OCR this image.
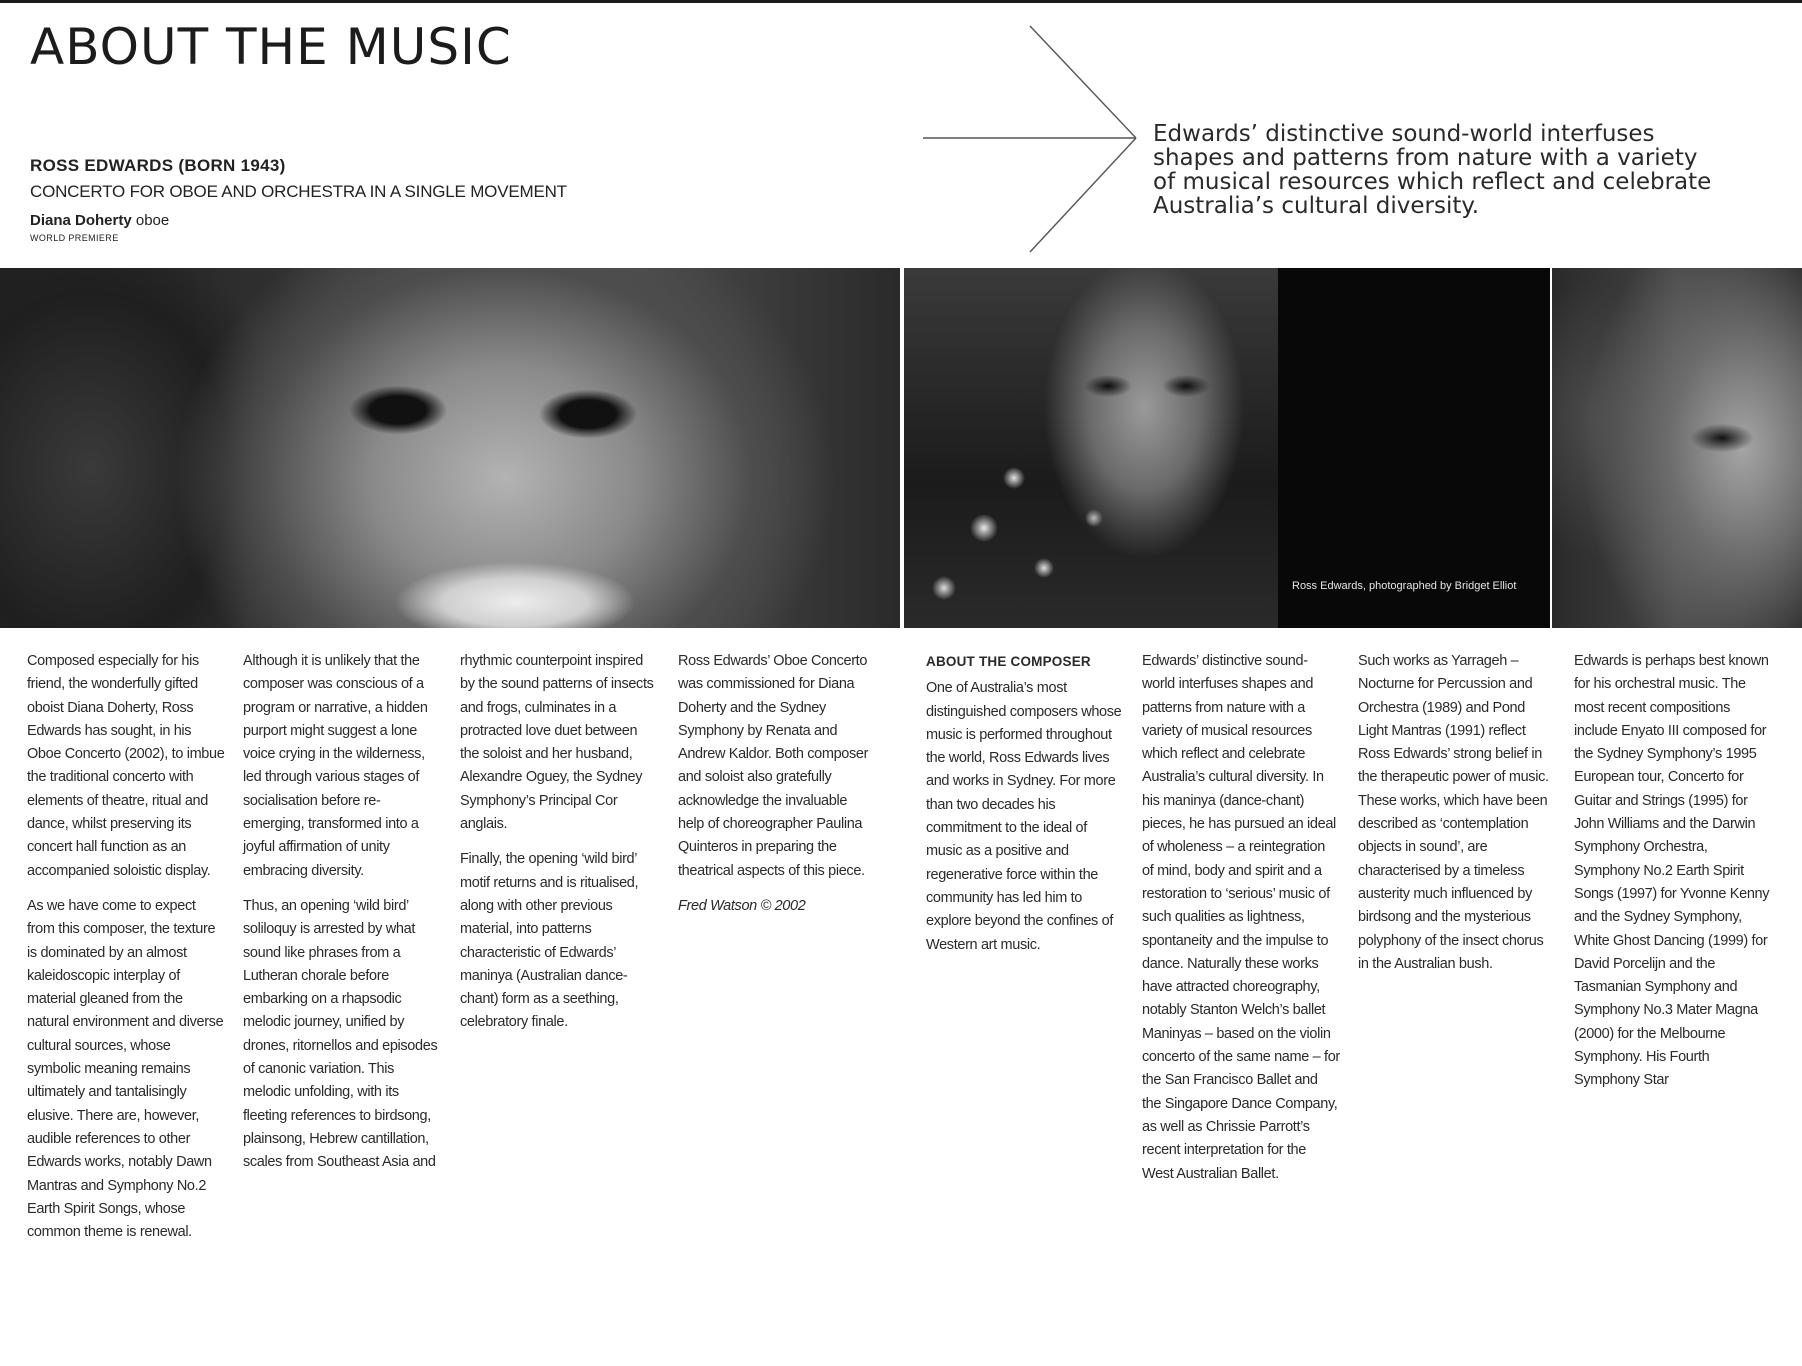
ABOUT THE MUSIC

ROSS EDWARDS (BORN 1943)

CONCERTO FOR OBOE AND ORCHESTRA IN A SINGLE MOVEMENT

Diana Doherty oboe

WORLD PREMIERE

Edwards’ distinctive sound-world interfuses shapes and patterns from nature with a variety of musical resources which reflect and celebrate Australia’s cultural diversity.

Ross Edwards, photographed by Bridget Elliot

Composed especially for his friend, the wonderfully gifted oboist Diana Doherty, Ross Edwards has sought, in his Oboe Concerto (2002), to imbue the traditional concerto with elements of theatre, ritual and dance, whilst preserving its concert hall function as an accompanied soloistic display.

As we have come to expect from this composer, the texture is dominated by an almost kaleidoscopic interplay of material gleaned from the natural environment and diverse cultural sources, whose symbolic meaning remains ultimately and tantalisingly elusive. There are, however, audible references to other Edwards works, notably Dawn Mantras and Symphony No.2 Earth Spirit Songs, whose common theme is renewal.

Although it is unlikely that the composer was conscious of a program or narrative, a hidden purport might suggest a lone voice crying in the wilderness, led through various stages of socialisation before re-emerging, transformed into a joyful affirmation of unity embracing diversity.

Thus, an opening ‘wild bird’ soliloquy is arrested by what sound like phrases from a Lutheran chorale before embarking on a rhapsodic melodic journey, unified by drones, ritornellos and episodes of canonic variation. This melodic unfolding, with its fleeting references to birdsong, plainsong, Hebrew cantillation, scales from Southeast Asia and

rhythmic counterpoint inspired by the sound patterns of insects and frogs, culminates in a protracted love duet between the soloist and her husband, Alexandre Oguey, the Sydney Symphony’s Principal Cor anglais.

Finally, the opening ‘wild bird’ motif returns and is ritualised, along with other previous material, into patterns characteristic of Edwards’ maninya (Australian dance-chant) form as a seething, celebratory finale.

Ross Edwards’ Oboe Concerto was commissioned for Diana Doherty and the Sydney Symphony by Renata and Andrew Kaldor. Both composer and soloist also gratefully acknowledge the invaluable help of choreographer Paulina Quinteros in preparing the theatrical aspects of this piece.

Fred Watson © 2002

ABOUT THE COMPOSER

One of Australia’s most distinguished composers whose music is performed throughout the world, Ross Edwards lives and works in Sydney. For more than two decades his commitment to the ideal of music as a positive and regenerative force within the community has led him to explore beyond the confines of Western art music.

Edwards’ distinctive sound-world interfuses shapes and patterns from nature with a variety of musical resources which reflect and celebrate Australia’s cultural diversity. In his maninya (dance-chant) pieces, he has pursued an ideal of wholeness – a reintegration of mind, body and spirit and a restoration to ‘serious’ music of such qualities as lightness, spontaneity and the impulse to dance. Naturally these works have attracted choreography, notably Stanton Welch’s ballet Maninyas – based on the violin concerto of the same name – for the San Francisco Ballet and the Singapore Dance Company, as well as Chrissie Parrott’s recent interpretation for the West Australian Ballet.

Such works as Yarrageh – Nocturne for Percussion and Orchestra (1989) and Pond Light Mantras (1991) reflect Ross Edwards’ strong belief in the therapeutic power of music. These works, which have been described as ‘contemplation objects in sound’, are characterised by a timeless austerity much influenced by birdsong and the mysterious polyphony of the insect chorus in the Australian bush.

Edwards is perhaps best known for his orchestral music. The most recent compositions include Enyato III composed for the Sydney Symphony’s 1995 European tour, Concerto for Guitar and Strings (1995) for John Williams and the Darwin Symphony Orchestra, Symphony No.2 Earth Spirit Songs (1997) for Yvonne Kenny and the Sydney Symphony, White Ghost Dancing (1999) for David Porcelijn and the Tasmanian Symphony and Symphony No.3 Mater Magna (2000) for the Melbourne Symphony. His Fourth Symphony Star
